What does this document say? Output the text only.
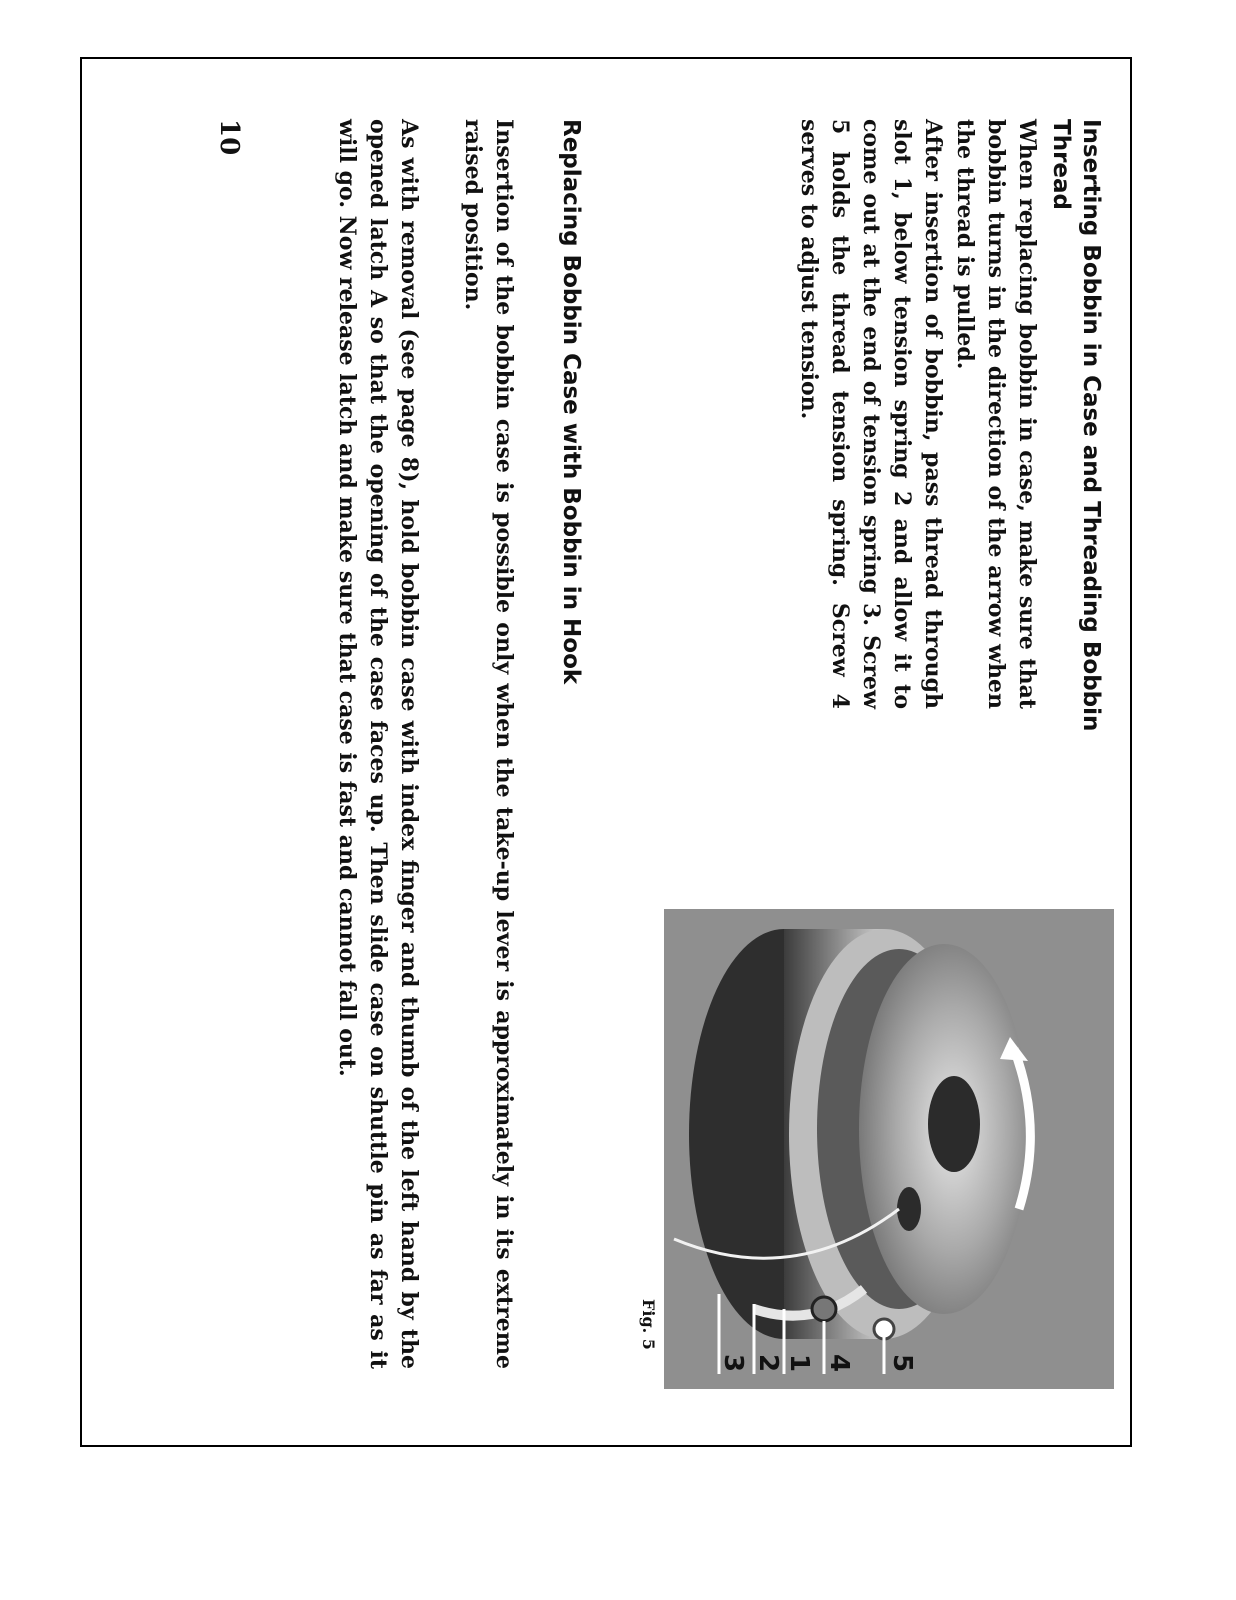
Inserting Bobbin in Case and Threading Bobbin Thread

When replacing bobbin in case, make sure that bobbin turns in the direction of the arrow when the thread is pulled.

After insertion of bobbin, pass thread through slot 1, below tension spring 2 and allow it to come out at the end of tension spring 3. Screw 5 holds the thread tension spring. Screw 4 serves to adjust tension.

5
4
1
2
3

Fig. 5

Replacing Bobbin Case with Bobbin in Hook

Insertion of the bobbin case is possible only when the take-up lever is approximately in its extreme raised position.

As with removal (see page 8), hold bobbin case with index finger and thumb of the left hand by the opened latch A so that the opening of the case faces up. Then slide case on shuttle pin as far as it will go. Now release latch and make sure that case is fast and cannot fall out.

10
